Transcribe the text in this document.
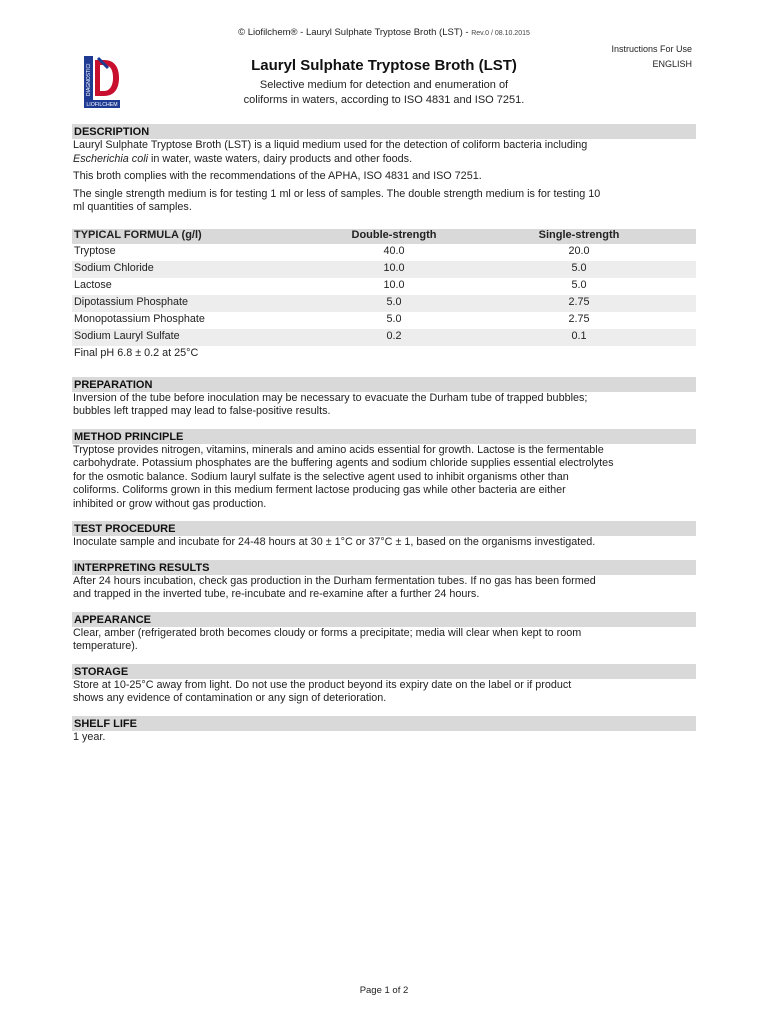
© Liofilchem® - Lauryl Sulphate Tryptose Broth (LST) - Rev.0 / 08.10.2015
DIAGNOSTICI
LIOFILCHEM
Lauryl Sulphate Tryptose Broth (LST)
Selective medium for detection and enumeration of
coliforms in waters, according to ISO 4831 and ISO 7251.
Instructions For Use
ENGLISH
DESCRIPTION
Lauryl Sulphate Tryptose Broth (LST) is a liquid medium used for the detection of coliform bacteria including
Escherichia coli in water, waste waters, dairy products and other foods.
This broth complies with the recommendations of the APHA, ISO 4831 and ISO 7251.
The single strength medium is for testing 1 ml or less of samples. The double strength medium is for testing 10
ml quantities of samples.
TYPICAL FORMULA (g/l)	Double-strength	Single-strength
Tryptose	40.0	20.0
Sodium Chloride	10.0	5.0
Lactose	10.0	5.0
Dipotassium Phosphate	5.0	2.75
Monopotassium Phosphate	5.0	2.75
Sodium Lauryl Sulfate	0.2	0.1
Final pH 6.8 ± 0.2 at 25°C
PREPARATION
Inversion of the tube before inoculation may be necessary to evacuate the Durham tube of trapped bubbles;
bubbles left trapped may lead to false-positive results.
METHOD PRINCIPLE
Tryptose provides nitrogen, vitamins, minerals and amino acids essential for growth. Lactose is the fermentable
carbohydrate. Potassium phosphates are the buffering agents and sodium chloride supplies essential electrolytes
for the osmotic balance. Sodium lauryl sulfate is the selective agent used to inhibit organisms other than
coliforms. Coliforms grown in this medium ferment lactose producing gas while other bacteria are either
inhibited or grow without gas production.
TEST PROCEDURE
Inoculate sample and incubate for 24-48 hours at 30 ± 1°C or 37°C ± 1, based on the organisms investigated.
INTERPRETING RESULTS
After 24 hours incubation, check gas production in the Durham fermentation tubes. If no gas has been formed
and trapped in the inverted tube, re-incubate and re-examine after a further 24 hours.
APPEARANCE
Clear, amber (refrigerated broth becomes cloudy or forms a precipitate; media will clear when kept to room
temperature).
STORAGE
Store at 10-25°C away from light. Do not use the product beyond its expiry date on the label or if product
shows any evidence of contamination or any sign of deterioration.
SHELF LIFE
1 year.
Page 1 of 2
